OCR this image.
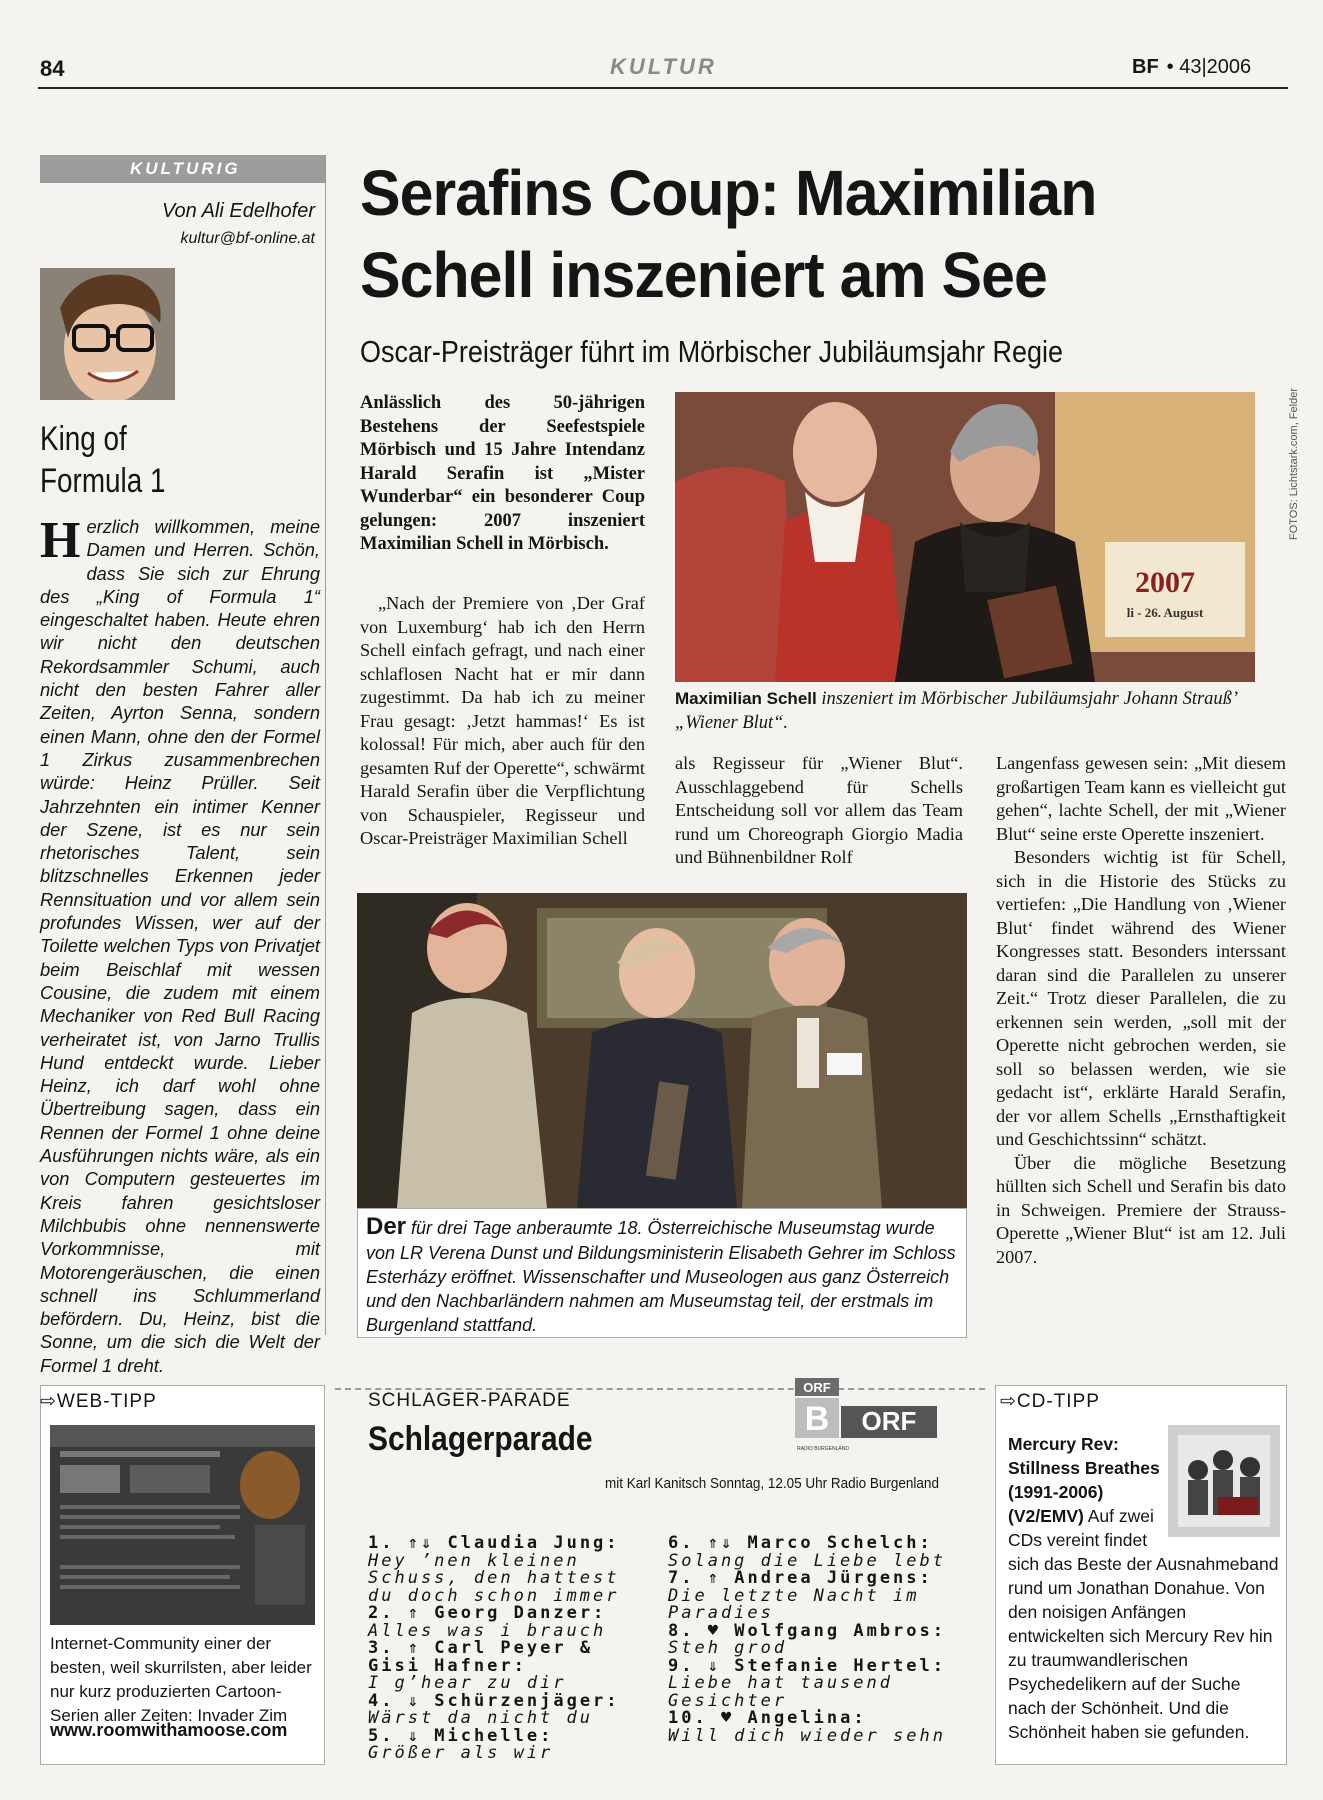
84	KULTUR	BF • 43|2006
KULTURIG
Von Ali Edelhofer
kultur@bf-online.at
King of
Formula 1
Herzlich willkommen, meine Damen und Herren. Schön, dass Sie sich zur Ehrung des „King of Formula 1“ eingeschaltet haben. Heute ehren wir nicht den deutschen Rekordsammler Schumi, auch nicht den besten Fahrer aller Zeiten, Ayrton Senna, sondern einen Mann, ohne den der Formel 1 Zirkus zusammenbrechen würde: Heinz Prüller. Seit Jahrzehnten ein intimer Kenner der Szene, ist es nur sein rhetorisches Talent, sein blitzschnelles Erkennen jeder Rennsituation und vor allem sein profundes Wissen, wer auf der Toilette welchen Typs von Privatjet beim Beischlaf mit wessen Cousine, die zudem mit einem Mechaniker von Red Bull Racing verheiratet ist, von Jarno Trullis Hund entdeckt wurde. Lieber Heinz, ich darf wohl ohne Übertreibung sagen, dass ein Rennen der Formel 1 ohne deine Ausführungen nichts wäre, als ein von Computern gesteuertes im Kreis fahren gesichtsloser Milchbubis ohne nennenswerte Vorkommnisse, mit Motorengeräuschen, die einen schnell ins Schlummerland befördern. Du, Heinz, bist die Sonne, um die sich die Welt der Formel 1 dreht.
Serafins Coup: Maximilian
Schell inszeniert am See
Oscar-Preisträger führt im Mörbischer Jubiläumsjahr Regie
Anlässlich des 50-jährigen Bestehens der Seefestspiele Mörbisch und 15 Jahre Intendanz Harald Serafin ist „Mister Wunderbar“ ein besonderer Coup gelungen: 2007 inszeniert Maximilian Schell in Mörbisch.
„Nach der Premiere von ‚Der Graf von Luxemburg‘ hab ich den Herrn Schell einfach gefragt, und nach einer schlaflosen Nacht hat er mir dann zugestimmt. Da hab ich zu meiner Frau gesagt: ‚Jetzt hammas!‘ Es ist kolossal! Für mich, aber auch für den gesamten Ruf der Operette“, schwärmt Harald Serafin über die Verpflichtung von Schauspieler, Regisseur und Oscar-Preisträger Maximilian Schell
als Regisseur für „Wiener Blut“. Ausschlaggebend für Schells Entscheidung soll vor allem das Team rund um Choreograph Giorgio Madia und Bühnenbildner Rolf

Langenfass gewesen sein: „Mit diesem großartigen Team kann es vielleicht gut gehen“, lachte Schell, der mit „Wiener Blut“ seine erste Operette inszeniert.

Besonders wichtig ist für Schell, sich in die Historie des Stücks zu vertiefen: „Die Handlung von ‚Wiener Blut‘ findet während des Wiener Kongresses statt. Besonders interssant daran sind die Parallelen zu unserer Zeit.“ Trotz dieser Parallelen, die zu erkennen sein werden, „soll mit der Operette nicht gebrochen werden, sie soll so belassen werden, wie sie gedacht ist“, erklärte Harald Serafin, der vor allem Schells „Ernsthaftigkeit und Geschichtssinn“ schätzt.

Über die mögliche Besetzung hüllten sich Schell und Serafin bis dato in Schweigen. Premiere der Strauss-Operette „Wiener Blut“ ist am 12. Juli 2007.

2007
li - 26. August
FOTOS: Lichtstark.com, Felder
Maximilian Schell inszeniert im Mörbischer Jubiläumsjahr Johann Strauß’ „Wiener Blut“.
Der für drei Tage anberaumte 18. Österreichische Museumstag wurde von LR Verena Dunst und Bildungsministerin Elisabeth Gehrer im Schloss Esterházy eröffnet. Wissenschafter und Museologen aus ganz Österreich und den Nachbarländern nahmen am Museumstag teil, der erstmals im Burgenland stattfand.
⇨WEB-TIPP
Internet-Community einer der besten, weil skurrilsten, aber leider nur kurz produzierten Cartoon-Serien aller Zeiten: Invader Zim
www.roomwithamoose.com
SCHLAGER-PARADE
Schlagerparade
ORF
B ORF
RADIO BURGENLAND
mit Karl Kanitsch Sonntag, 12.05 Uhr Radio Burgenland
1. ⇑⇓ Claudia Jung:
Hey ’nen kleinen Schuss, den hattest du doch schon immer
2. ⇑ Georg Danzer:
Alles was i brauch
3. ⇑ Carl Peyer & Gisi Hafner:
I g’hear zu dir
4. ⇓ Schürzenjäger:
Wärst da nicht du
5. ⇓ Michelle:
Größer als wir
6. ⇑⇓ Marco Schelch:
Solang die Liebe lebt
7. ⇑ Andrea Jürgens:
Die letzte Nacht im Paradies
8. ♥ Wolfgang Ambros:
Steh grod
9. ⇓ Stefanie Hertel:
Liebe hat tausend Gesichter
10. ♥ Angelina:
Will dich wieder sehn
⇨CD-TIPP
Mercury Rev: Stillness Breathes (1991-2006) (V2/EMV) Auf zwei CDs vereint findet sich das Beste der Ausnahmeband rund um Jonathan Donahue. Von den noisigen Anfängen entwickelten sich Mercury Rev hin zu traumwandlerischen Psychedelikern auf der Suche nach der Schönheit. Und die Schönheit haben sie gefunden.
